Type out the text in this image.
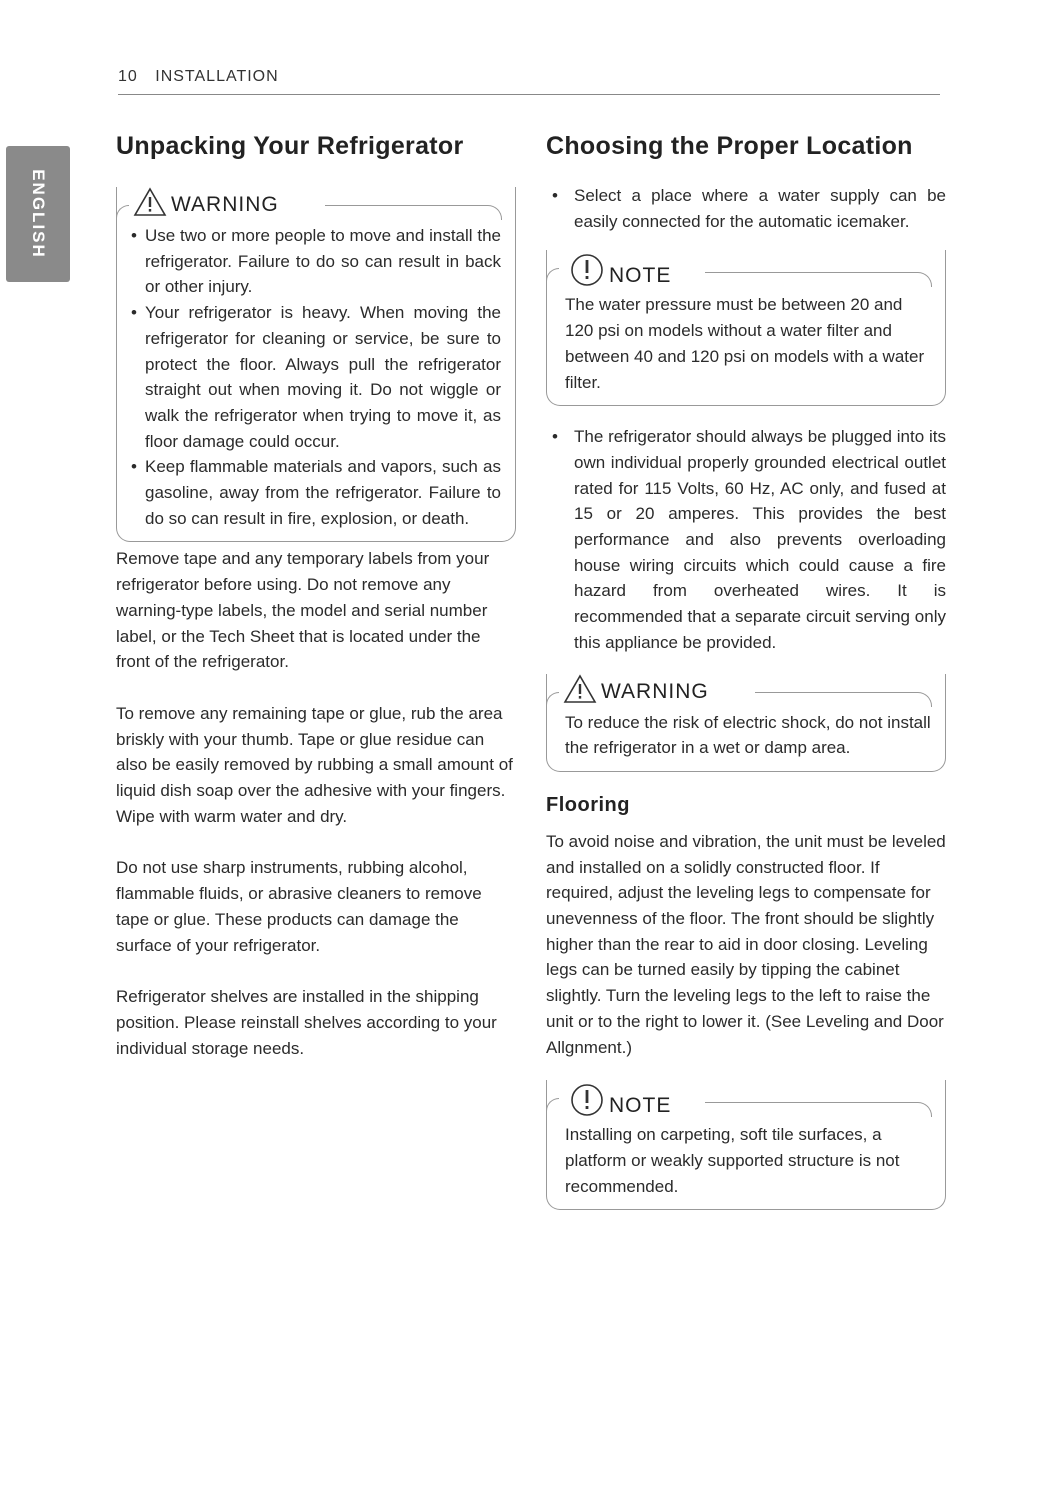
10 INSTALLATION
ENGLISH
Unpacking Your Refrigerator
WARNING
• Use two or more people to move and install the refrigerator. Failure to do so can result in back or other injury.
• Your refrigerator is heavy. When moving the refrigerator for cleaning or service, be sure to protect the floor. Always pull the refrigerator straight out when moving it. Do not wiggle or walk the refrigerator when trying to move it, as floor damage could occur.
• Keep flammable materials and vapors, such as gasoline, away from the refrigerator. Failure to do so can result in fire, explosion, or death.

Remove tape and any temporary labels from your refrigerator before using. Do not remove any warning-type labels, the model and serial number label, or the Tech Sheet that is located under the front of the refrigerator.

To remove any remaining tape or glue, rub the area briskly with your thumb. Tape or glue residue can also be easily removed by rubbing a small amount of liquid dish soap over the adhesive with your fingers. Wipe with warm water and dry.

Do not use sharp instruments, rubbing alcohol, flammable fluids, or abrasive cleaners to remove tape or glue. These products can damage the surface of your refrigerator.

Refrigerator shelves are installed in the shipping position. Please reinstall shelves according to your individual storage needs.

Choosing the Proper Location
• Select a place where a water supply can be easily connected for the automatic icemaker.
NOTE

The water pressure must be between 20 and 120 psi on models without a water filter and between 40 and 120 psi on models with a water filter.

• The refrigerator should always be plugged into its own individual properly grounded electrical outlet rated for 115 Volts, 60 Hz, AC only, and fused at 15 or 20 amperes. This provides the best performance and also prevents overloading house wiring circuits which could cause a fire hazard from overheated wires. It is recommended that a separate circuit serving only this appliance be provided.
WARNING

To reduce the risk of electric shock, do not install the refrigerator in a wet or damp area.

Flooring

To avoid noise and vibration, the unit must be leveled and installed on a solidly constructed floor. If required, adjust the leveling legs to compensate for unevenness of the floor. The front should be slightly higher than the rear to aid in door closing. Leveling legs can be turned easily by tipping the cabinet slightly. Turn the leveling legs to the left to raise the unit or to the right to lower it. (See Leveling and Door Allgnment.)

NOTE

Installing on carpeting, soft tile surfaces, a platform or weakly supported structure is not recommended.
